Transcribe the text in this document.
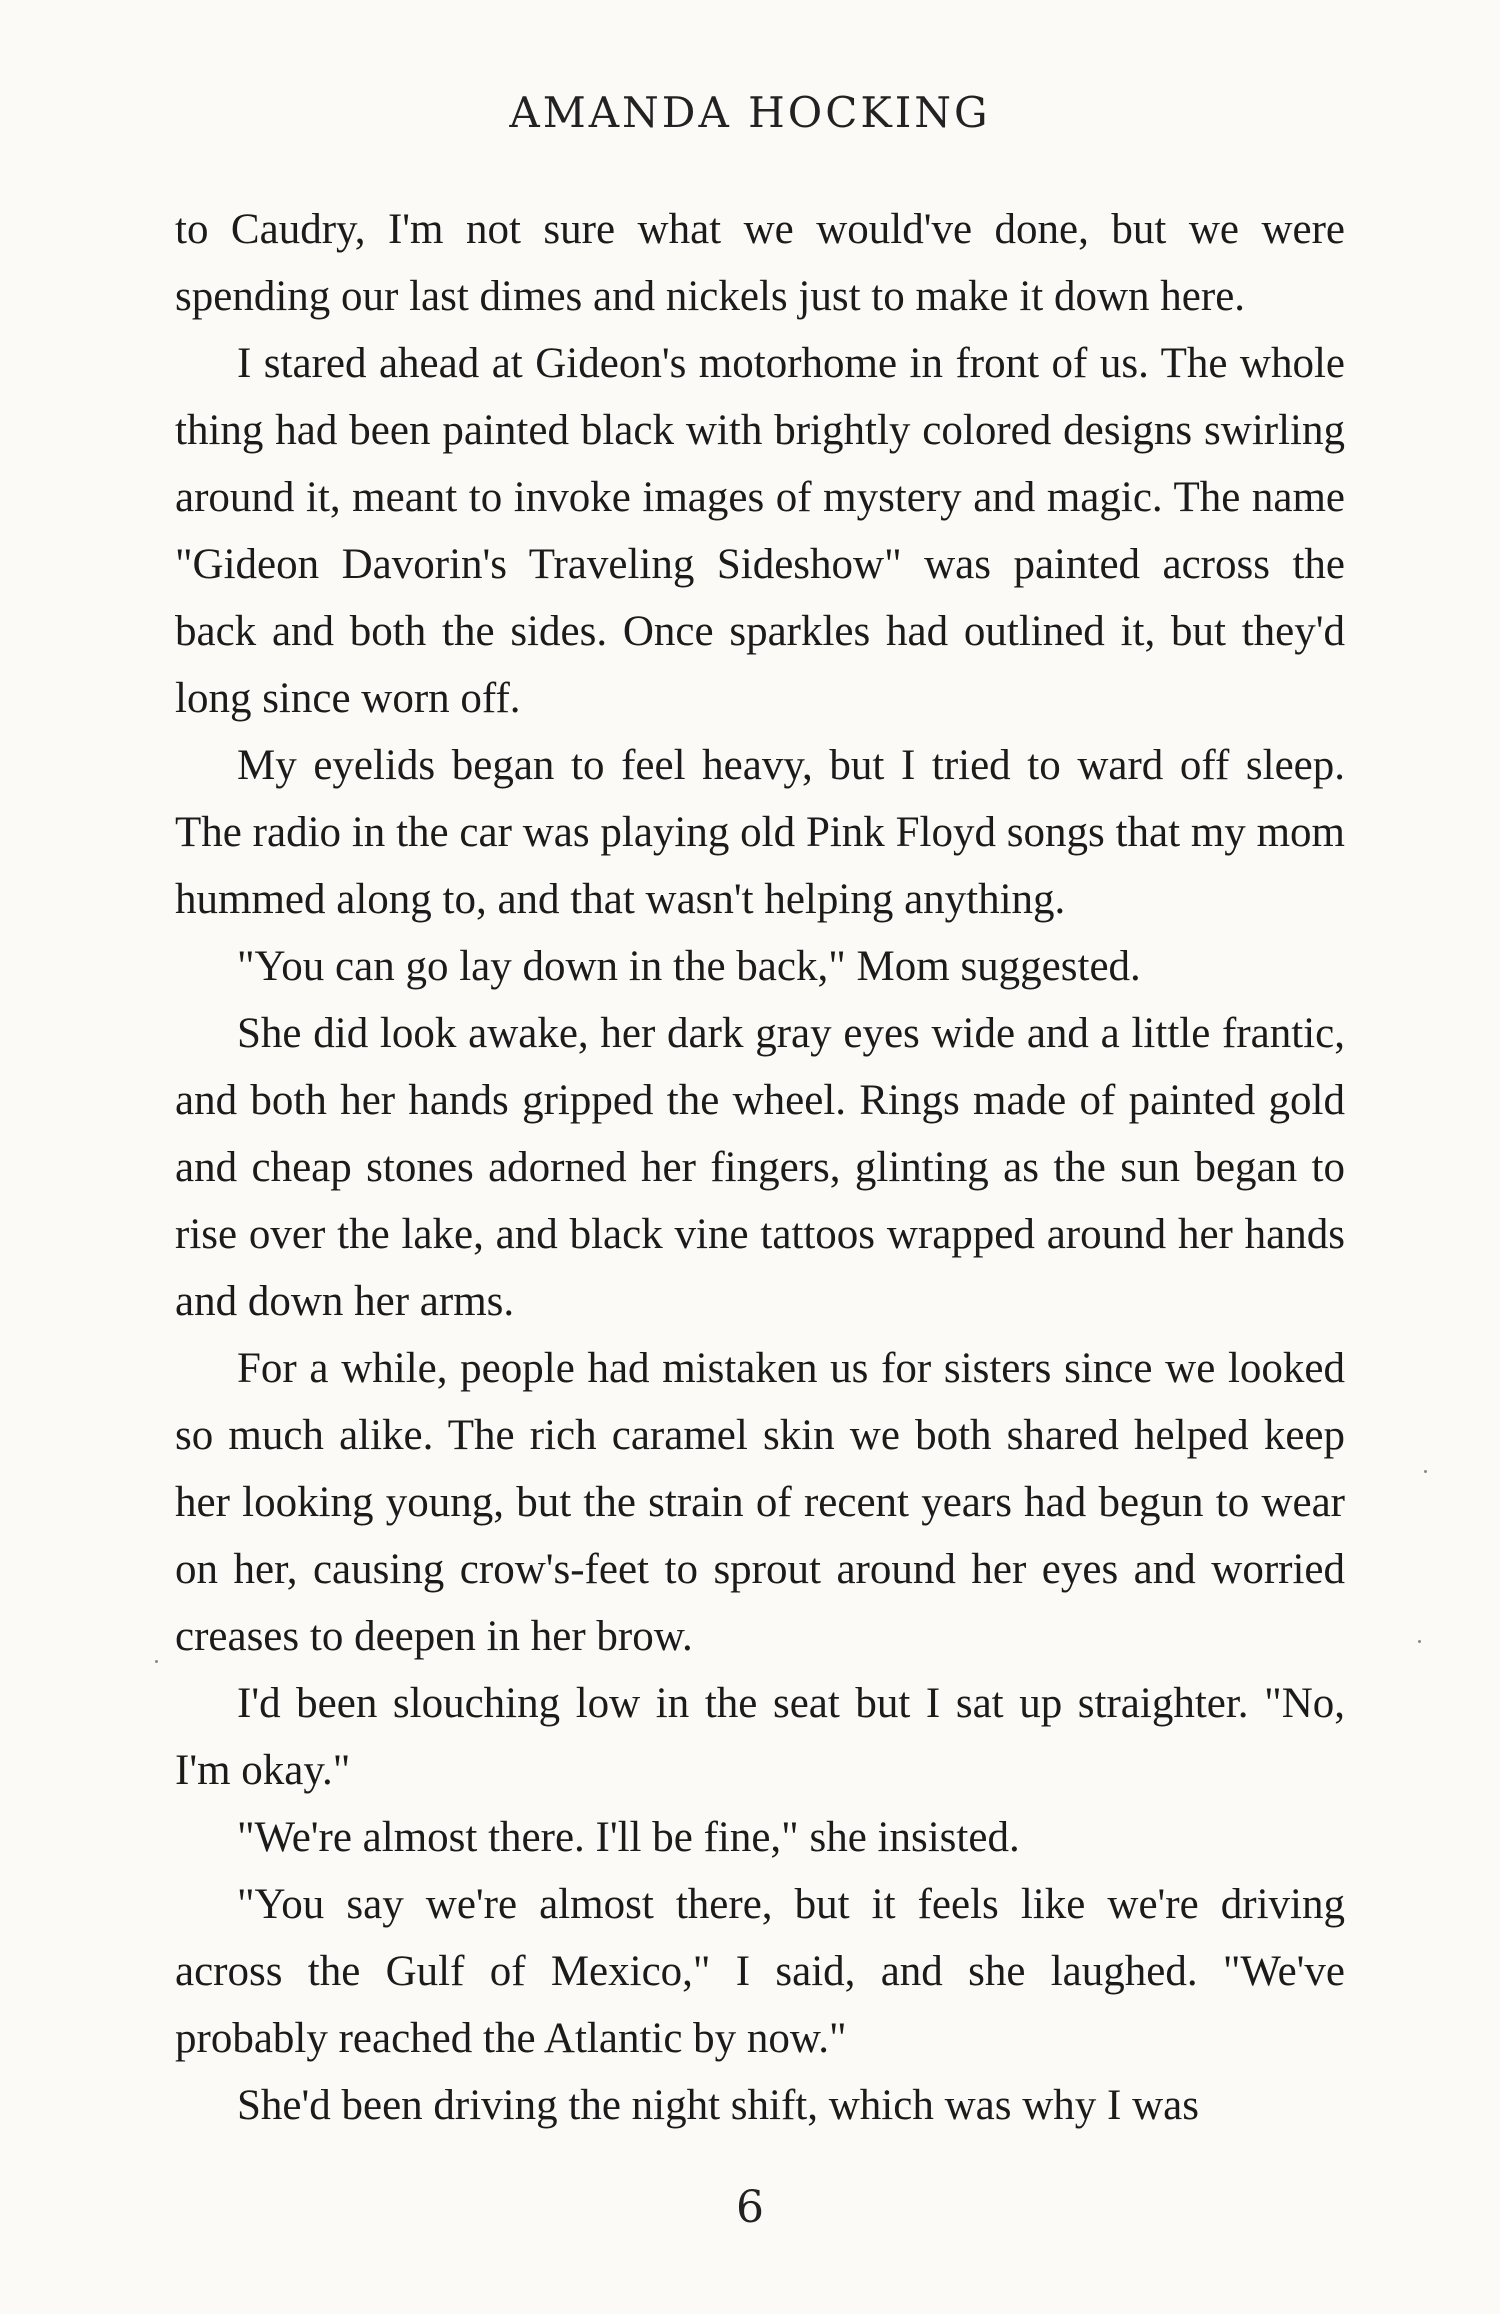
AMANDA HOCKING

to Caudry, I'm not sure what we would've done, but we were spending our last dimes and nickels just to make it down here.

I stared ahead at Gideon's motorhome in front of us. The whole thing had been painted black with brightly colored designs swirling around it, meant to invoke images of mystery and magic. The name "Gideon Davorin's Traveling Sideshow" was painted across the back and both the sides. Once sparkles had outlined it, but they'd long since worn off.

My eyelids began to feel heavy, but I tried to ward off sleep. The radio in the car was playing old Pink Floyd songs that my mom hummed along to, and that wasn't helping anything.

"You can go lay down in the back," Mom suggested.

She did look awake, her dark gray eyes wide and a little frantic, and both her hands gripped the wheel. Rings made of painted gold and cheap stones adorned her fingers, glinting as the sun began to rise over the lake, and black vine tattoos wrapped around her hands and down her arms.

For a while, people had mistaken us for sisters since we looked so much alike. The rich caramel skin we both shared helped keep her looking young, but the strain of recent years had begun to wear on her, causing crow's-feet to sprout around her eyes and worried creases to deepen in her brow.

I'd been slouching low in the seat but I sat up straighter. "No, I'm okay."

"We're almost there. I'll be fine," she insisted.

"You say we're almost there, but it feels like we're driving across the Gulf of Mexico," I said, and she laughed. "We've probably reached the Atlantic by now."

She'd been driving the night shift, which was why I was

6
